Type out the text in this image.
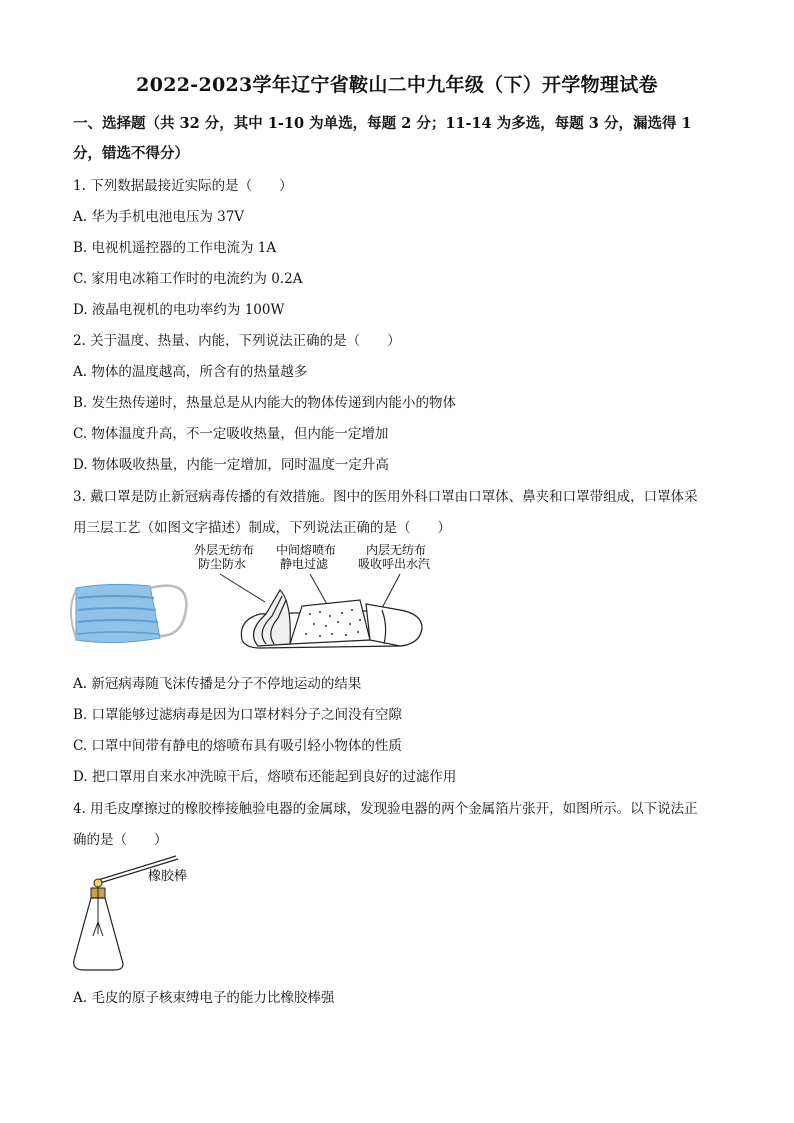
2022-2023学年辽宁省鞍山二中九年级（下）开学物理试卷
一、选择题（共 32 分，其中 1-10 为单选，每题 2 分；11-14 为多选，每题 3 分，漏选得 1
分，错选不得分）
1. 下列数据最接近实际的是（　　）
A. 华为手机电池电压为 37V
B. 电视机遥控器的工作电流为 1A
C. 家用电冰箱工作时的电流约为 0.2A
D. 液晶电视机的电功率约为 100W
2. 关于温度、热量、内能，下列说法正确的是（　　）
A. 物体的温度越高，所含有的热量越多
B. 发生热传递时，热量总是从内能大的物体传递到内能小的物体
C. 物体温度升高，不一定吸收热量，但内能一定增加
D. 物体吸收热量，内能一定增加，同时温度一定升高
3. 戴口罩是防止新冠病毒传播的有效措施。图中的医用外科口罩由口罩体、鼻夹和口罩带组成，口罩体采
用三层工艺（如图文字描述）制成，下列说法正确的是（　　）
外层无纺布
防尘防水
中间熔喷布
静电过滤
内层无纺布
吸收呼出水汽
A. 新冠病毒随飞沫传播是分子不停地运动的结果
B. 口罩能够过滤病毒是因为口罩材料分子之间没有空隙
C. 口罩中间带有静电的熔喷布具有吸引轻小物体的性质
D. 把口罩用自来水冲洗晾干后，熔喷布还能起到良好的过滤作用
4. 用毛皮摩擦过的橡胶棒接触验电器的金属球，发现验电器的两个金属箔片张开，如图所示。以下说法正
确的是（　　）
橡胶棒
A. 毛皮的原子核束缚电子的能力比橡胶棒强
